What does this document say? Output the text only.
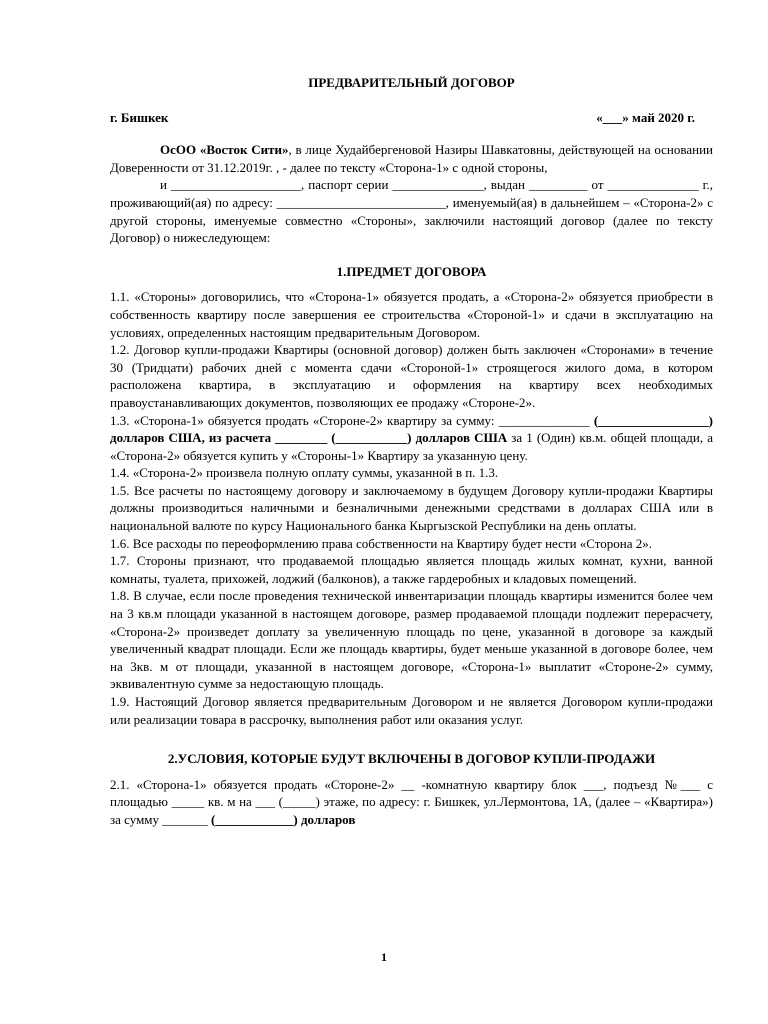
ПРЕДВАРИТЕЛЬНЫЙ ДОГОВОР
г. Бишкек	«___» май 2020 г.

ОсОО «Восток Сити», в лице Худайбергеновой Назиры Шавкатовны, действующей на основании Доверенности от 31.12.2019г. , - далее по тексту «Сторона-1» с одной стороны,

и ____________________, паспорт серии ______________, выдан _________ от ______________ г., проживающий(ая) по адресу: __________________________, именуемый(ая) в дальнейшем – «Сторона-2» с другой стороны, именуемые совместно «Стороны», заключили настоящий договор (далее по тексту Договор) о нижеследующем:

1.ПРЕДМЕТ ДОГОВОРА

1.1. «Стороны» договорились, что «Сторона-1» обязуется продать, а «Сторона-2» обязуется приобрести в собственность квартиру после завершения ее строительства «Стороной-1» и сдачи в эксплуатацию на условиях, определенных настоящим предварительным Договором.

1.2. Договор купли-продажи Квартиры (основной договор) должен быть заключен «Сторонами» в течение 30 (Тридцати) рабочих дней с момента сдачи «Стороной-1» строящегося жилого дома, в котором расположена квартира, в эксплуатацию и оформления на квартиру всех необходимых правоустанавливающих документов, позволяющих ее продажу «Стороне-2».

1.3. «Сторона-1» обязуется продать «Стороне-2» квартиру за сумму: ______________ (_________________) долларов США, из расчета ________ (___________) долларов США за 1 (Один) кв.м. общей площади, а «Сторона-2» обязуется купить у «Стороны-1» Квартиру за указанную цену.

1.4. «Сторона-2» произвела полную оплату суммы, указанной в п. 1.3.

1.5. Все расчеты по настоящему договору и заключаемому в будущем Договору купли-продажи Квартиры должны производиться наличными и безналичными денежными средствами в долларах США или в национальной валюте по курсу Национального банка Кыргызской Республики на день оплаты.

1.6. Все расходы по переоформлению права собственности на Квартиру будет нести «Сторона 2».

1.7. Стороны признают, что продаваемой площадью является площадь жилых комнат, кухни, ванной комнаты, туалета, прихожей, лоджий (балконов), а также гардеробных и кладовых помещений.

1.8. В случае, если после проведения технической инвентаризации площадь квартиры изменится более чем на 3 кв.м площади указанной в настоящем договоре, размер продаваемой площади подлежит перерасчету, «Сторона-2» произведет доплату за увеличенную площадь по цене, указанной в договоре за каждый увеличенный квадрат площади. Если же площадь квартиры, будет меньше указанной в договоре более, чем на 3кв. м от площади, указанной в настоящем договоре, «Сторона-1» выплатит «Стороне-2» сумму, эквивалентную сумме за недостающую площадь.

1.9. Настоящий Договор является предварительным Договором и не является Договором купли-продажи или реализации товара в рассрочку, выполнения работ или оказания услуг.

2.УСЛОВИЯ, КОТОРЫЕ БУДУТ ВКЛЮЧЕНЫ В ДОГОВОР КУПЛИ-ПРОДАЖИ

2.1. «Сторона-1» обязуется продать «Стороне-2» __ -комнатную квартиру блок ___, подъезд №___ с площадью _____ кв. м на ___ (_____) этаже, по адресу: г. Бишкек, ул.Лермонтова, 1А, (далее – «Квартира») за сумму _______ (____________) долларов

1
